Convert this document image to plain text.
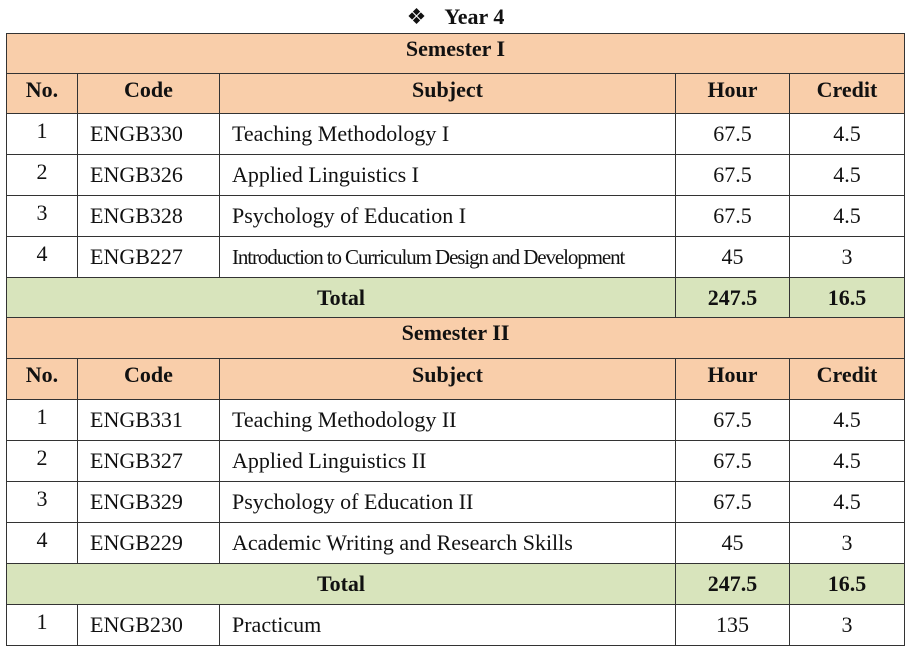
❖ Year 4
Semester I				
No.	Code	Subject	Hour	Credit
1	ENGB330	Teaching Methodology I	67.5	4.5
2	ENGB326	Applied Linguistics I	67.5	4.5
3	ENGB328	Psychology of Education I	67.5	4.5
4	ENGB227	Introduction to Curriculum Design and Development	45	3
Total			247.5	16.5
Semester II				
No.	Code	Subject	Hour	Credit
1	ENGB331	Teaching Methodology II	67.5	4.5
2	ENGB327	Applied Linguistics II	67.5	4.5
3	ENGB329	Psychology of Education II	67.5	4.5
4	ENGB229	Academic Writing and Research Skills	45	3
Total			247.5	16.5
1	ENGB230	Practicum	135	3
